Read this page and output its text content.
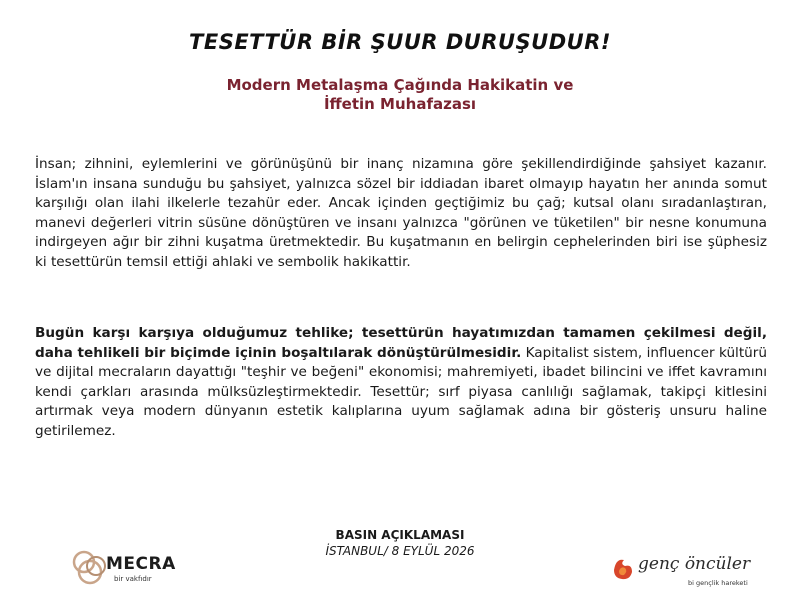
TESETTÜR BİR ŞUUR DURUŞUDUR!
Modern Metalaşma Çağında Hakikatin ve
İffetin Muhafazası

İnsan; zihnini, eylemlerini ve görünüşünü bir inanç nizamına göre şekillendirdiğinde şahsiyet kazanır. İslam'ın insana sunduğu bu şahsiyet, yalnızca sözel bir iddiadan ibaret olmayıp hayatın her anında somut karşılığı olan ilahi ilkelerle tezahür eder. Ancak içinden geçtiğimiz bu çağ; kutsal olanı sıradanlaştıran, manevi değerleri vitrin süsüne dönüştüren ve insanı yalnızca "görünen ve tüketilen" bir nesne konumuna indirgeyen ağır bir zihni kuşatma üretmektedir. Bu kuşatmanın en belirgin cephelerinden biri ise şüphesiz ki tesettürün temsil ettiği ahlaki ve sembolik hakikattir.

Bugün karşı karşıya olduğumuz tehlike; tesettürün hayatımızdan tamamen çekilmesi değil, daha tehlikeli bir biçimde içinin boşaltılarak dönüştürülmesidir. Kapitalist sistem, influencer kültürü ve dijital mecraların dayattığı "teşhir ve beğeni" ekonomisi; mahremiyeti, ibadet bilincini ve iffet kavramını kendi çarkları arasında mülksüzleştirmektedir. Tesettür; sırf piyasa canlılığı sağlamak, takipçi kitlesini artırmak veya modern dünyanın estetik kalıplarına uyum sağlamak adına bir gösteriş unsuru haline getirilemez.

BASIN AÇIKLAMASI
İSTANBUL/ 8 EYLÜL 2026
MECRA
bir vakfıdır
genç öncüler
bi gençlik hareketi
